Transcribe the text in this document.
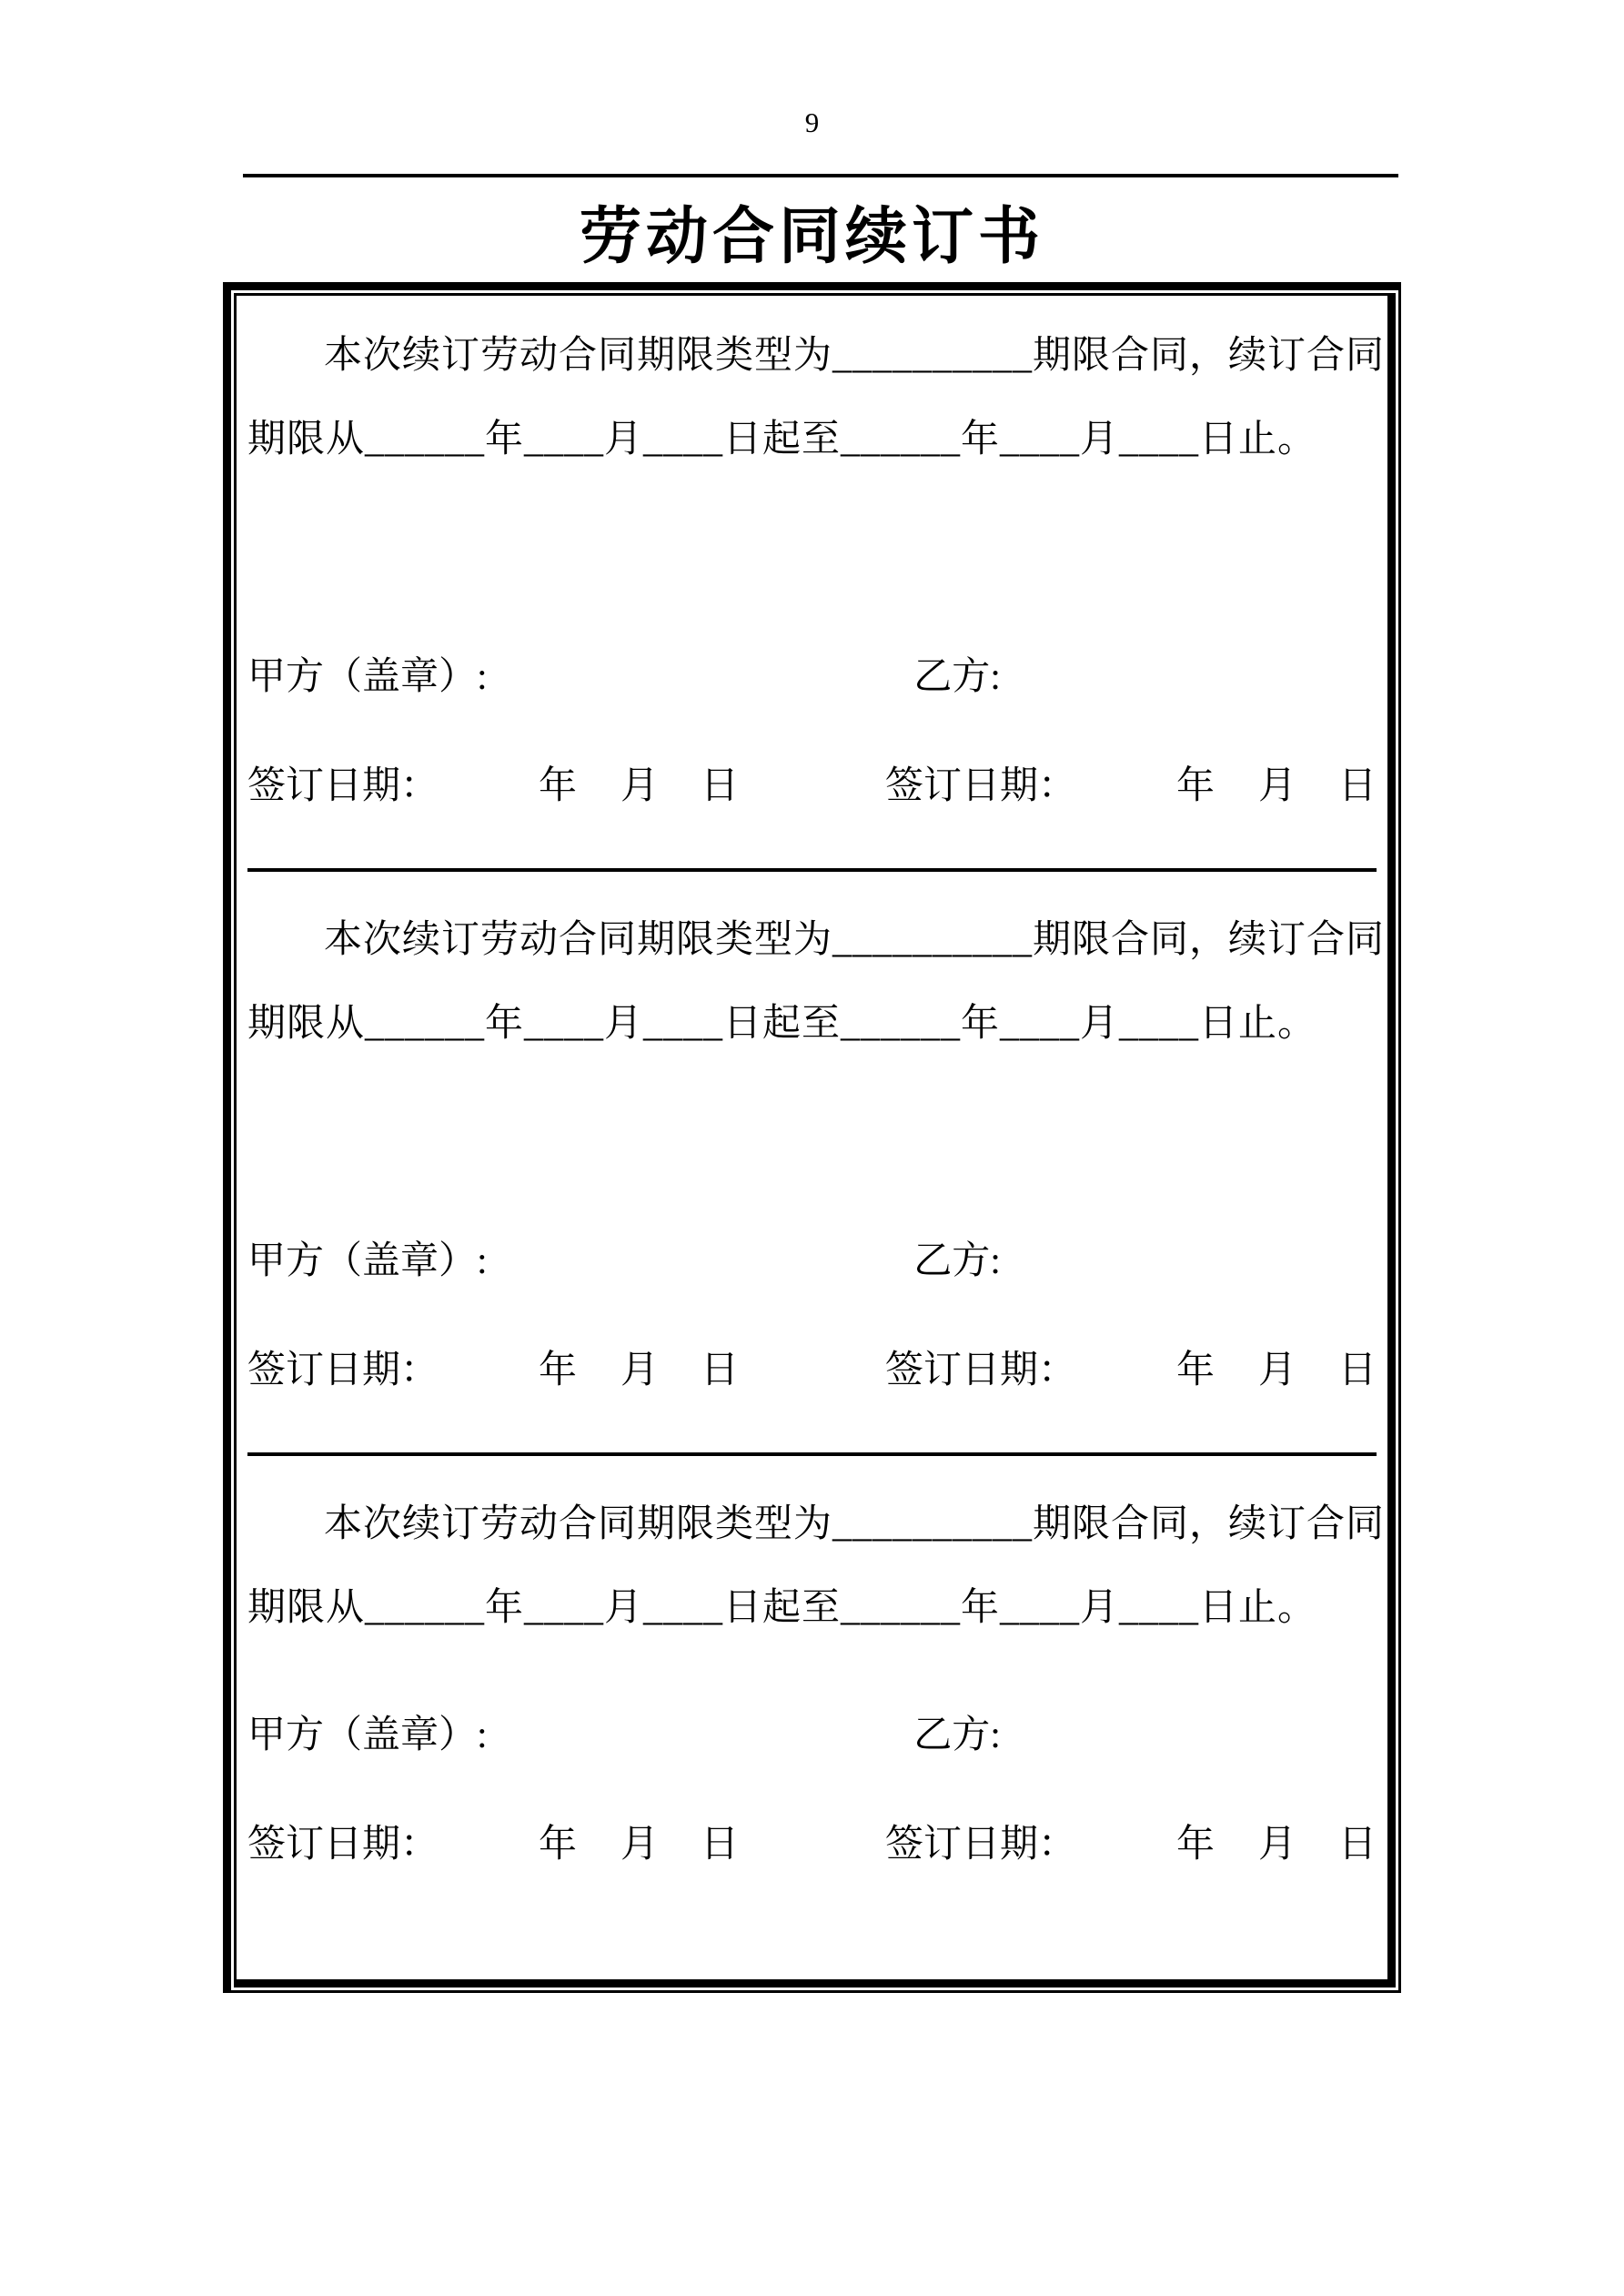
9
劳动合同续订书
本次续订劳动合同期限类型为__________期限合同，续订合同
期限从______年____月____日起至______年____月____日止。
甲方（盖章）:	乙方:
签订日期：	年 月 日	签订日期：	年 月 日
本次续订劳动合同期限类型为__________期限合同，续订合同
期限从______年____月____日起至______年____月____日止。
甲方（盖章）:	乙方:
签订日期：	年 月 日	签订日期：	年 月 日
本次续订劳动合同期限类型为__________期限合同，续订合同
期限从______年____月____日起至______年____月____日止。
甲方（盖章）:	乙方:
签订日期：	年 月 日	签订日期：	年 月 日
